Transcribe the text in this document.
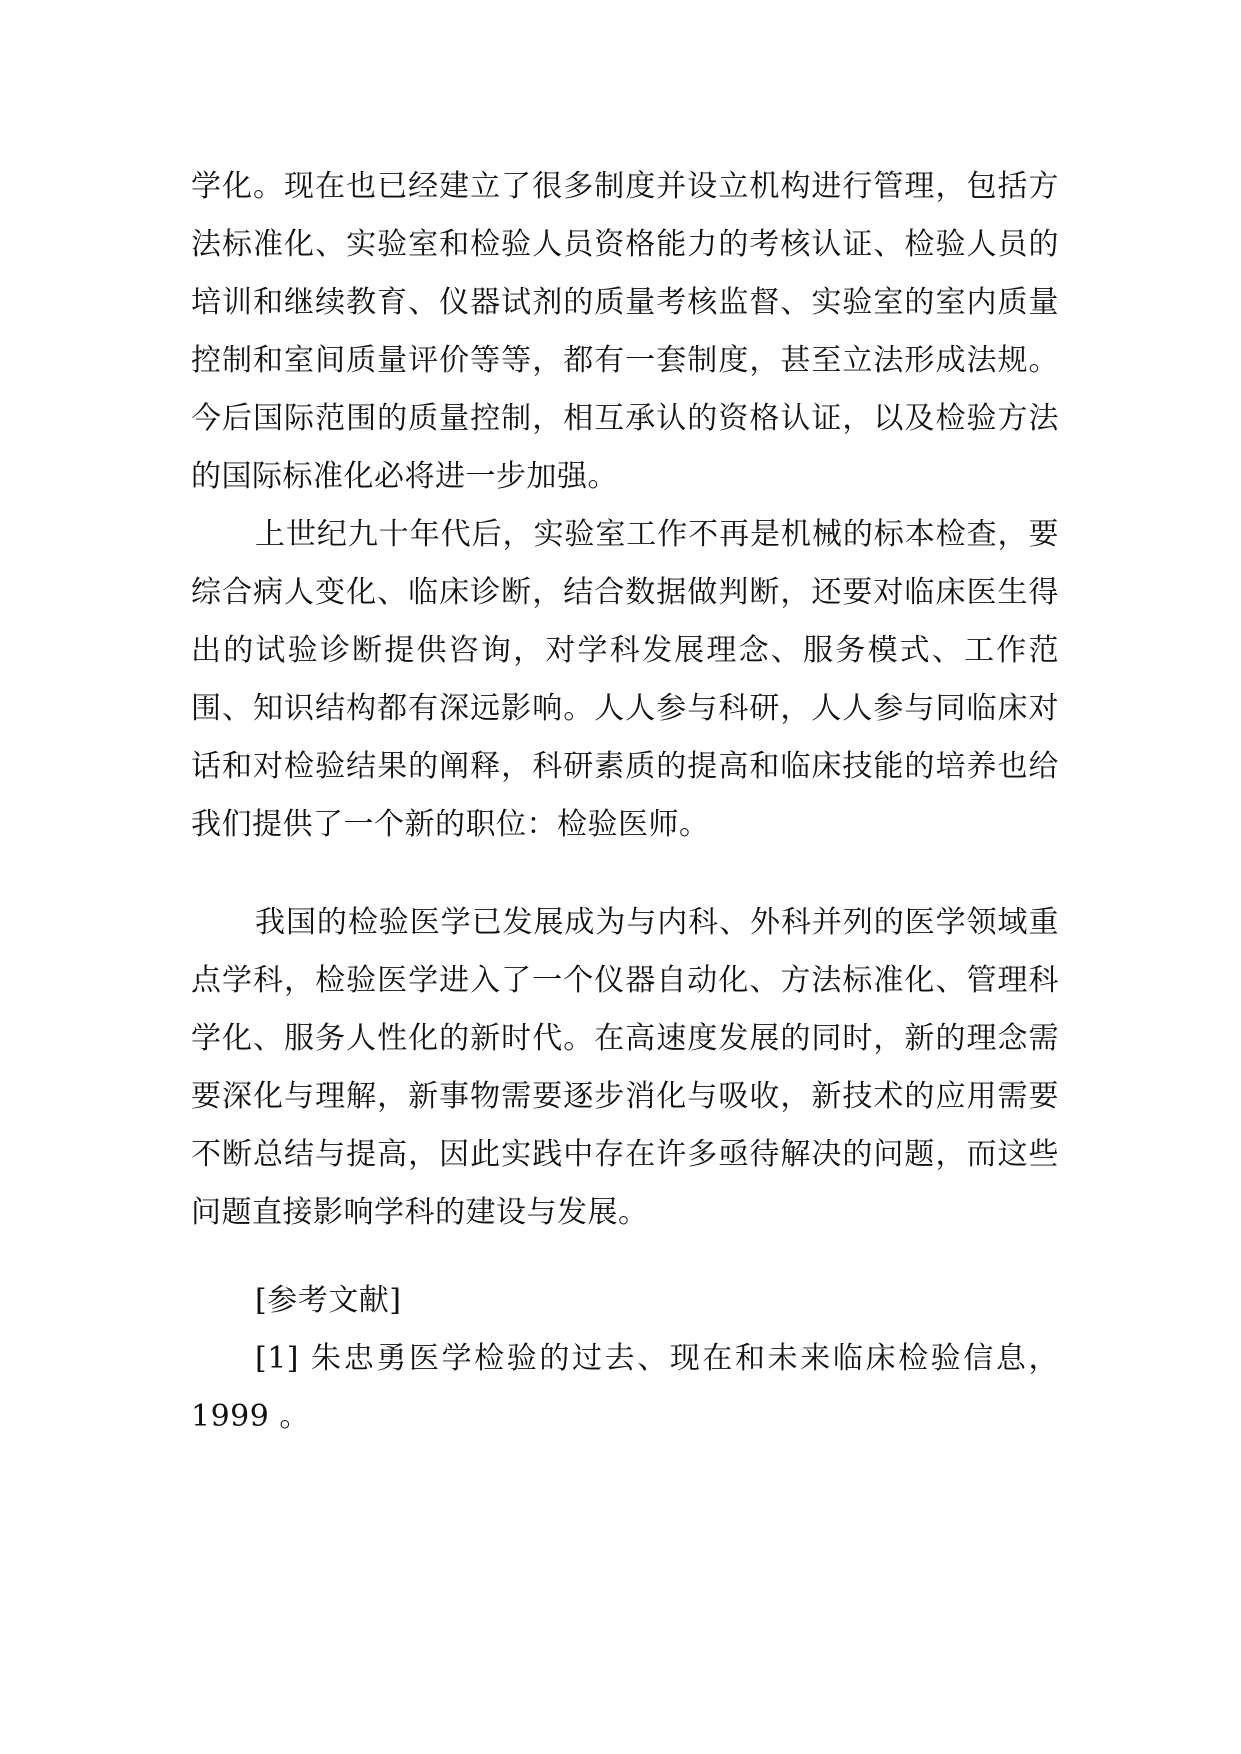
学化。现在也已经建立了很多制度并设立机构进行管理，包括方法标准化、实验室和检验人员资格能力的考核认证、检验人员的培训和继续教育、仪器试剂的质量考核监督、实验室的室内质量控制和室间质量评价等等，都有一套制度，甚至立法形成法规。今后国际范围的质量控制，相互承认的资格认证，以及检验方法的国际标准化必将进一步加强。

上世纪九十年代后，实验室工作不再是机械的标本检查，要综合病人变化、临床诊断，结合数据做判断，还要对临床医生得出的试验诊断提供咨询，对学科发展理念、服务模式、工作范围、知识结构都有深远影响。人人参与科研，人人参与同临床对话和对检验结果的阐释，科研素质的提高和临床技能的培养也给我们提供了一个新的职位：检验医师。

我国的检验医学已发展成为与内科、外科并列的医学领域重点学科，检验医学进入了一个仪器自动化、方法标准化、管理科学化、服务人性化的新时代。在高速度发展的同时，新的理念需要深化与理解，新事物需要逐步消化与吸收，新技术的应用需要不断总结与提高，因此实践中存在许多亟待解决的问题，而这些问题直接影响学科的建设与发展。

[参考文献]

[1] 朱忠勇医学检验的过去、现在和未来临床检验信息，1999 。
